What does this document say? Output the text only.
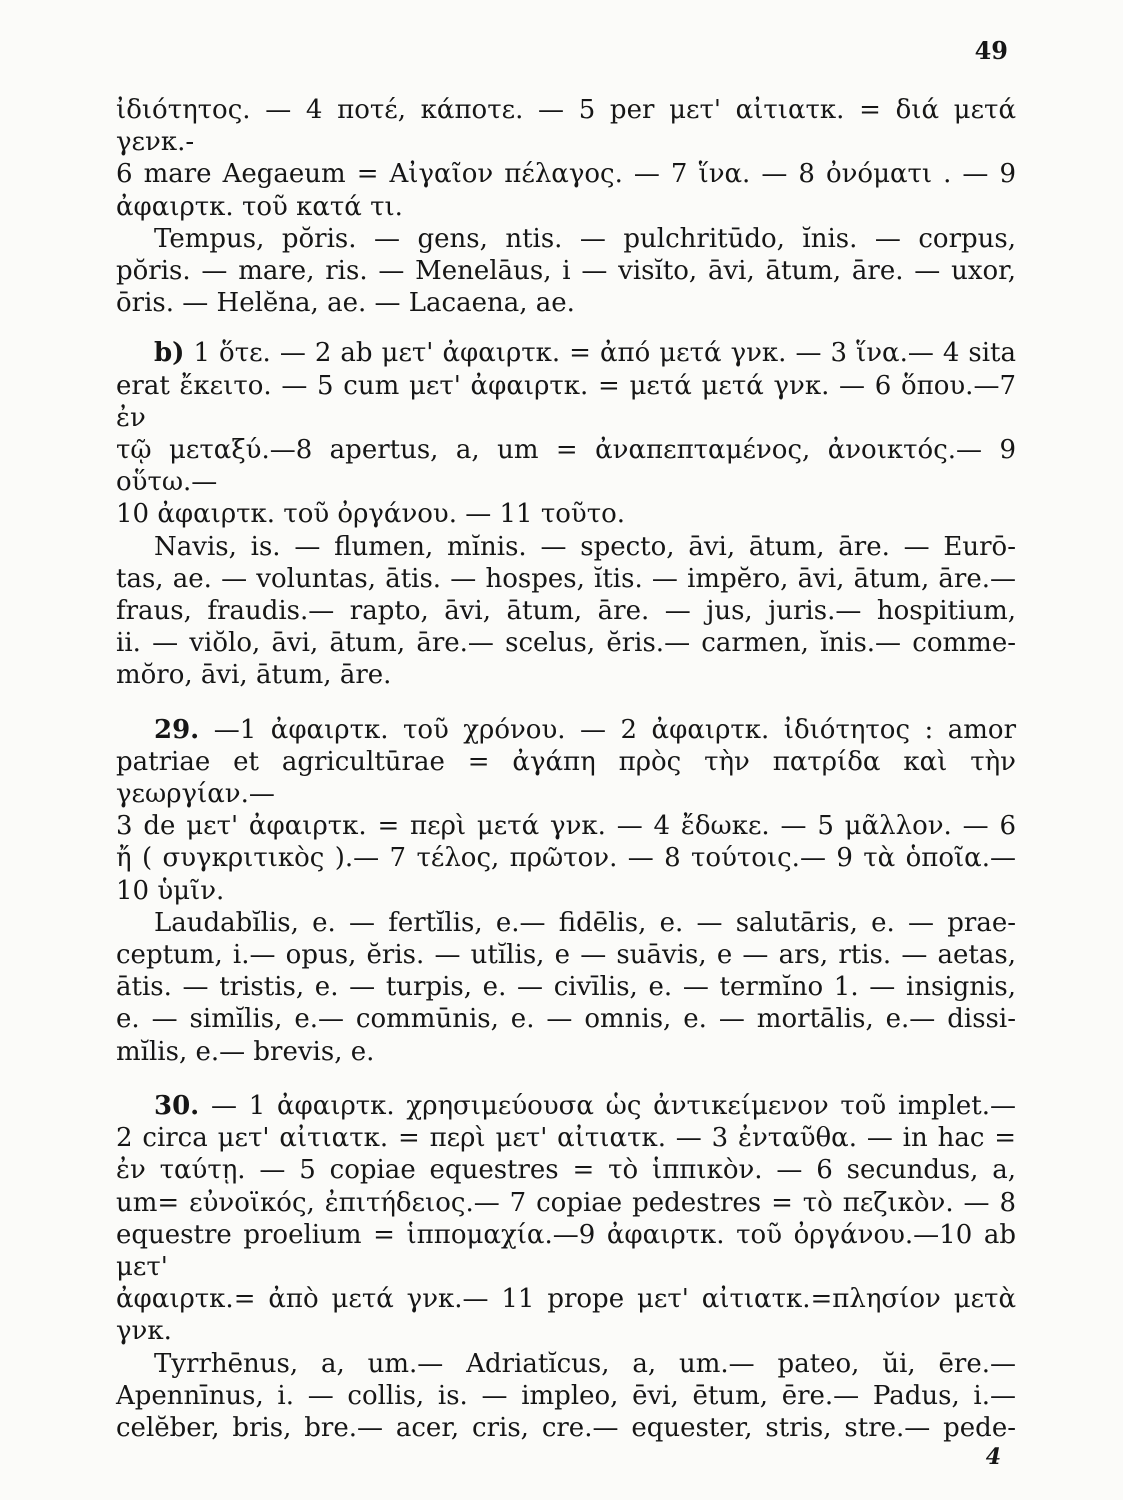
49

ἰδιότητος. — 4 ποτέ, κάποτε. — 5 per μετ' αἰτιατκ. = διά μετά γενκ.-

6 mare Aegaeum = Αἰγαῖον πέλαγος. — 7 ἵνα. — 8 ὀνόματι . — 9

ἀφαιρτκ. τοῦ κατά τι.

Tempus, pŏris. — gens, ntis. — pulchritūdo, ĭnis. — corpus,

pŏris. — mare, ris. — Menelāus, i — visĭto, āvi, ātum, āre. — uxor,

ōris. — Helĕna, ae. — Lacaena, ae.

b) 1 ὅτε. — 2 ab μετ' ἀφαιρτκ. = ἀπό μετά γνκ. — 3 ἵνα.— 4 sita

erat ἔκειτο. — 5 cum μετ' ἀφαιρτκ. = μετά μετά γνκ. — 6 ὅπου.—7 ἐν

τῷ μεταξύ.—8 apertus, a, um = ἀναπεπταμένος, ἀνοικτός.— 9 οὕτω.—

10 ἀφαιρτκ. τοῦ ὀργάνου. — 11 τοῦτο.

Navis, is. — flumen, mĭnis. — specto, āvi, ātum, āre. — Eurō-

tas, ae. — voluntas, ātis. — hospes, ĭtis. — impĕro, āvi, ātum, āre.—

fraus, fraudis.— rapto, āvi, ātum, āre. — jus, juris.— hospitium,

ii. — viŏlo, āvi, ātum, āre.— scelus, ĕris.— carmen, ĭnis.— comme-

mŏro, āvi, ātum, āre.

29. —1 ἀφαιρτκ. τοῦ χρόνου. — 2 ἀφαιρτκ. ἰδιότητος : amor

patriae et agricultūrae = ἀγάπη πρὸς τὴν πατρίδα καὶ τὴν γεωργίαν.—

3 de μετ' ἀφαιρτκ. = περὶ μετά γνκ. — 4 ἔδωκε. — 5 μᾶλλον. — 6

ἤ ( συγκριτικὸς ).— 7 τέλος, πρῶτον. — 8 τούτοις.— 9 τὰ ὁποῖα.—

10 ὑμῖν.

Laudabĭlis, e. — fertĭlis, e.— fidēlis, e. — salutāris, e. — prae-

ceptum, i.— opus, ĕris. — utĭlis, e — suāvis, e — ars, rtis. — aetas,

ātis. — tristis, e. — turpis, e. — civīlis, e. — termĭno 1. — insignis,

e. — simĭlis, e.— commūnis, e. — omnis, e. — mortālis, e.— dissi-

mĭlis, e.— brevis, e.

30. — 1 ἀφαιρτκ. χρησιμεύουσα ὡς ἀντικείμενον τοῦ implet.—

2 circa μετ' αἰτιατκ. = περὶ μετ' αἰτιατκ. — 3 ἐνταῦθα. — in hac =

ἐν ταύτῃ. — 5 copiae equestres = τὸ ἱππικὸν. — 6 secundus, a,

um= εὐνοϊκός, ἐπιτήδειος.— 7 copiae pedestres = τὸ πεζικὸν. — 8

equestre proelium = ἱππομαχία.—9 ἀφαιρτκ. τοῦ ὀργάνου.—10 ab μετ'

ἀφαιρτκ.= ἀπὸ μετά γνκ.— 11 prope μετ' αἰτιατκ.=πλησίον μετὰ γνκ.

Tyrrhēnus, a, um.— Adriatĭcus, a, um.— pateo, ŭi, ēre.—

Apennīnus, i. — collis, is. — impleo, ēvi, ētum, ēre.— Padus, i.—

celĕber, bris, bre.— acer, cris, cre.— equester, stris, stre.— pede-

4
